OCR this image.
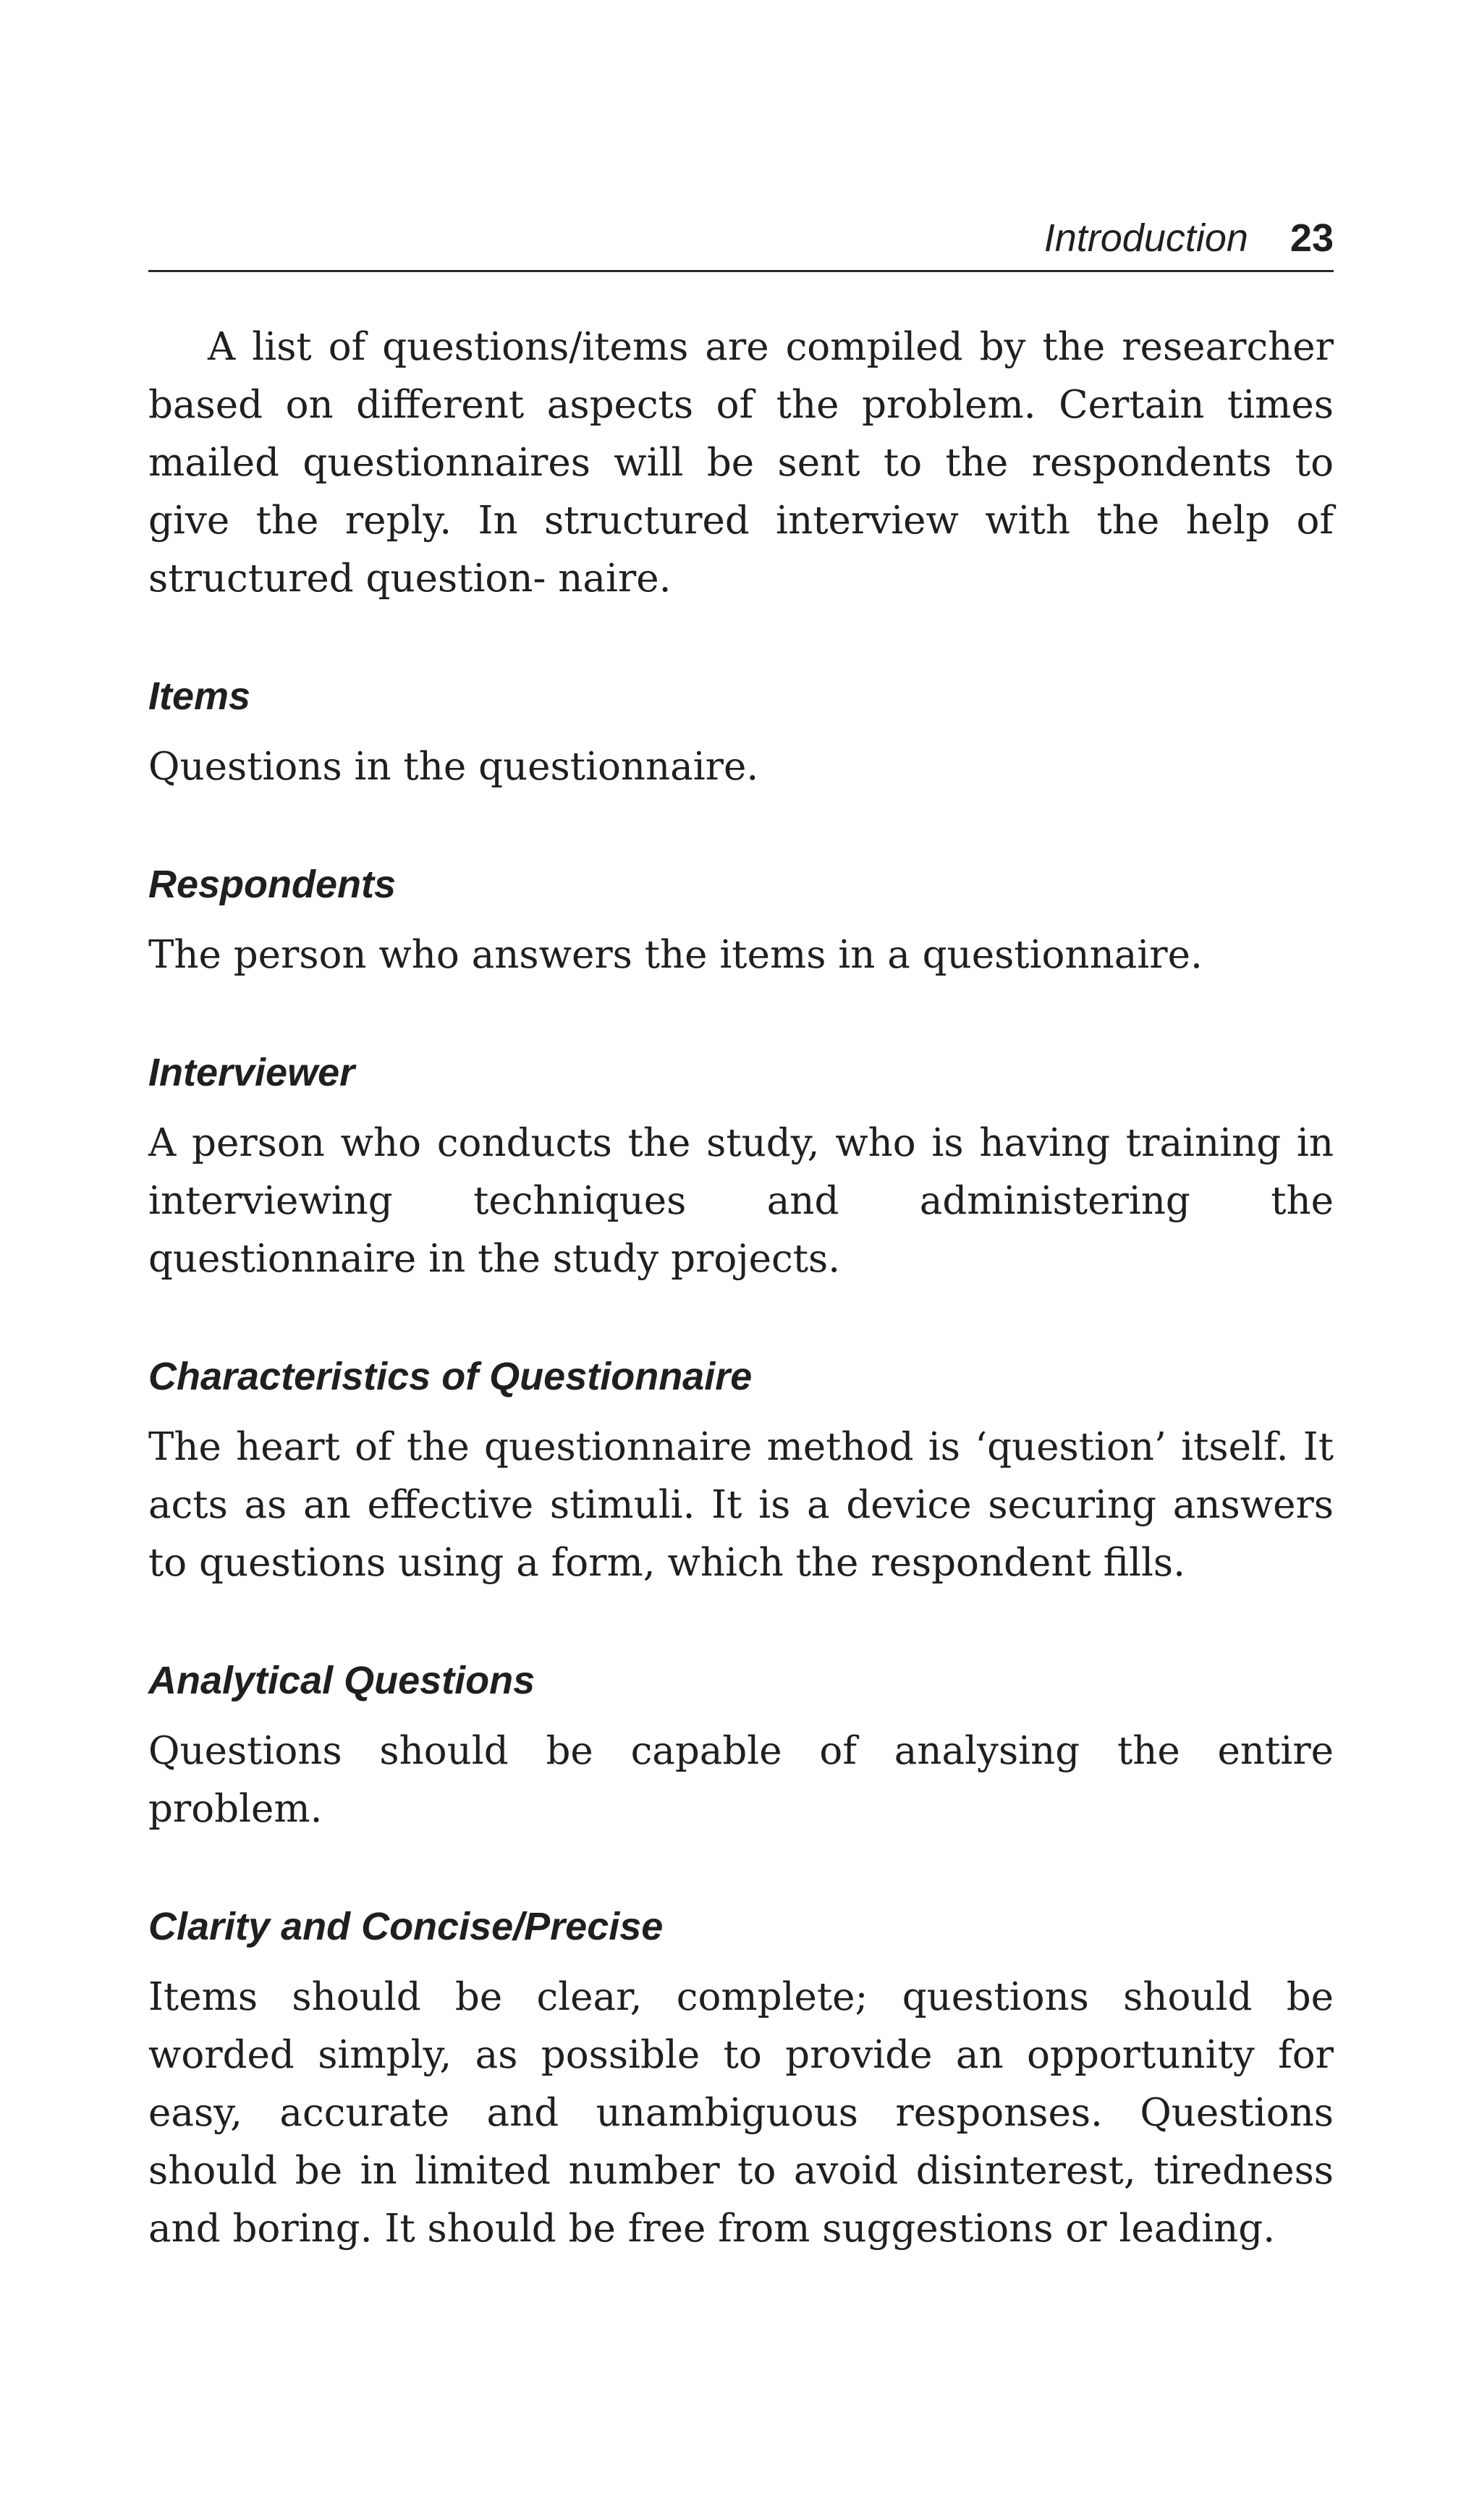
Introduction 23

A list of questions/items are compiled by the researcher based on different aspects of the problem. Certain times mailed questionnaires will be sent to the respondents to give the reply. In structured interview with the help of structured question- naire.

Items

Questions in the questionnaire.

Respondents

The person who answers the items in a questionnaire.

Interviewer

A person who conducts the study, who is having training in interviewing techniques and administering the questionnaire in the study projects.

Characteristics of Questionnaire

The heart of the questionnaire method is ‘question’ itself. It acts as an effective stimuli. It is a device securing answers to questions using a form, which the respondent fills.

Analytical Questions

Questions should be capable of analysing the entire problem.

Clarity and Concise/Precise

Items should be clear, complete; questions should be worded simply, as possible to provide an opportunity for easy, accurate and unambiguous responses. Questions should be in limited number to avoid disinterest, tiredness and boring. It should be free from suggestions or leading.
